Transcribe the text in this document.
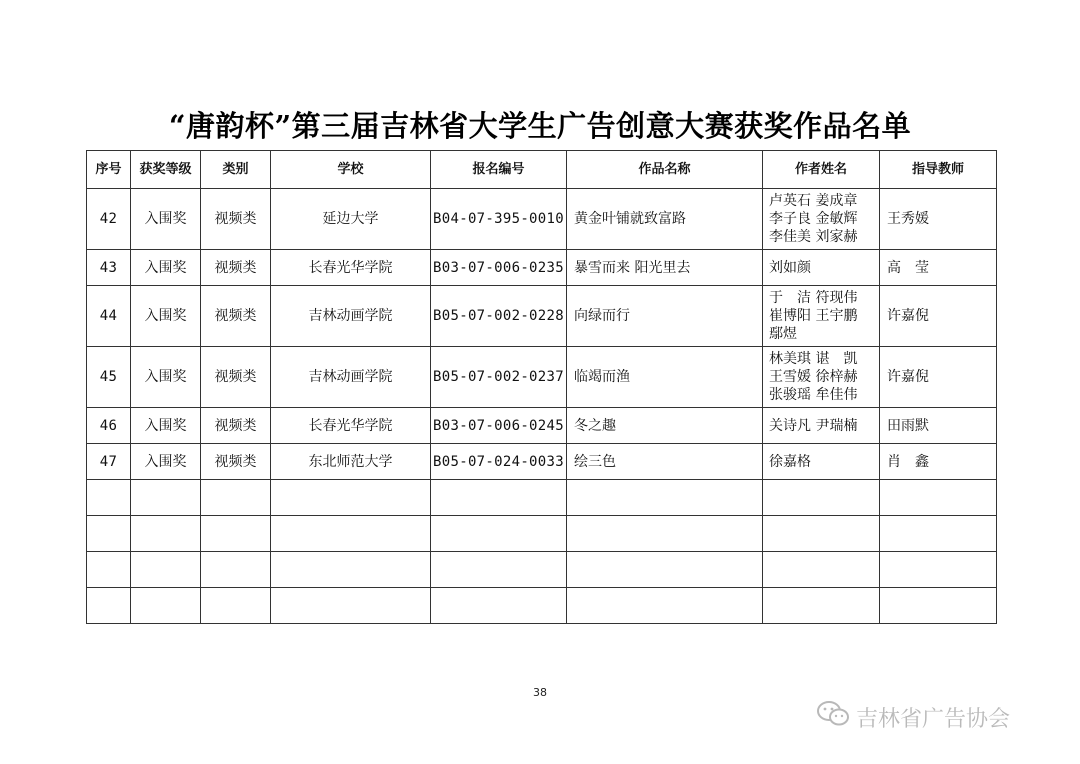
“唐韵杯”第三届吉林省大学生广告创意大赛获奖作品名单
序号	获奖等级	类别	学校	报名编号	作品名称	作者姓名	指导教师
42	入围奖	视频类	延边大学	B04-07-395-0010	黄金叶铺就致富路	卢英石 姜成章
李子良 金敏辉
李佳美 刘家赫	王秀媛
43	入围奖	视频类	长春光华学院	B03-07-006-0235	暴雪而来 阳光里去	刘如颜	高　莹
44	入围奖	视频类	吉林动画学院	B05-07-002-0228	向绿而行	于　洁 符现伟
崔博阳 王宇鹏
鄢煜	许嘉倪
45	入围奖	视频类	吉林动画学院	B05-07-002-0237	临竭而渔	林美琪 谌　凯
王雪媛 徐梓赫
张骏瑶 牟佳伟	许嘉倪
46	入围奖	视频类	长春光华学院	B03-07-006-0245	冬之趣	关诗凡 尹瑞楠	田雨默
47	入围奖	视频类	东北师范大学	B05-07-024-0033	绘三色	徐嘉格	肖　鑫

38
吉林省广告协会
